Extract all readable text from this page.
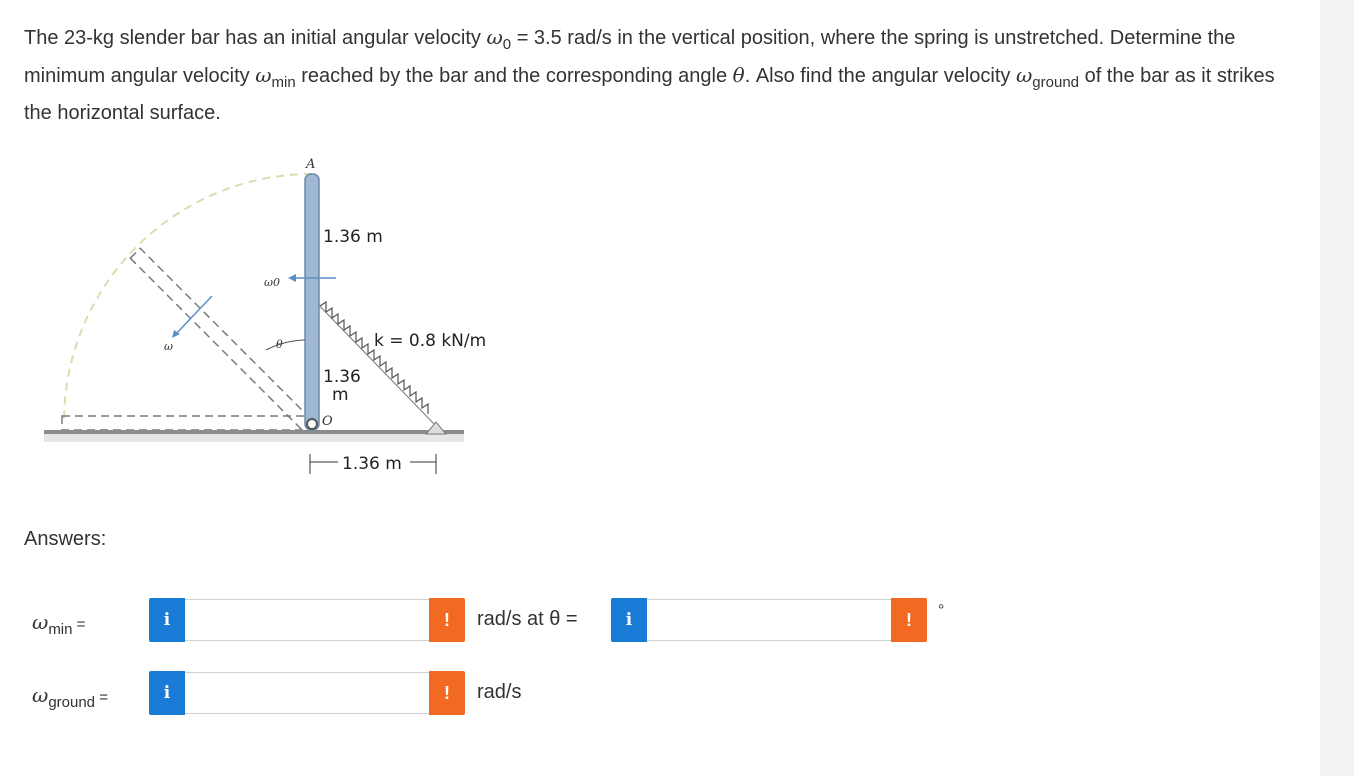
The 23-kg slender bar has an initial angular velocity $\omega_0 = 3.5$ rad/s in the vertical position, where the spring is unstretched. Determine the minimum angular velocity $\omega_{min}$ reached by the bar and the corresponding angle θ. Also find the angular velocity $\omega_{ground}$ of the bar as it strikes the horizontal surface.
A
O
ω0
ω	θ
1.36 m
1.36
m
1.36 m
k = 0.8 kN/m
Answers:
$\omega_{min}$ =	i	!	rad/s at θ =	i	!	°
$\omega_{ground}$ =	i	!	rad/s
